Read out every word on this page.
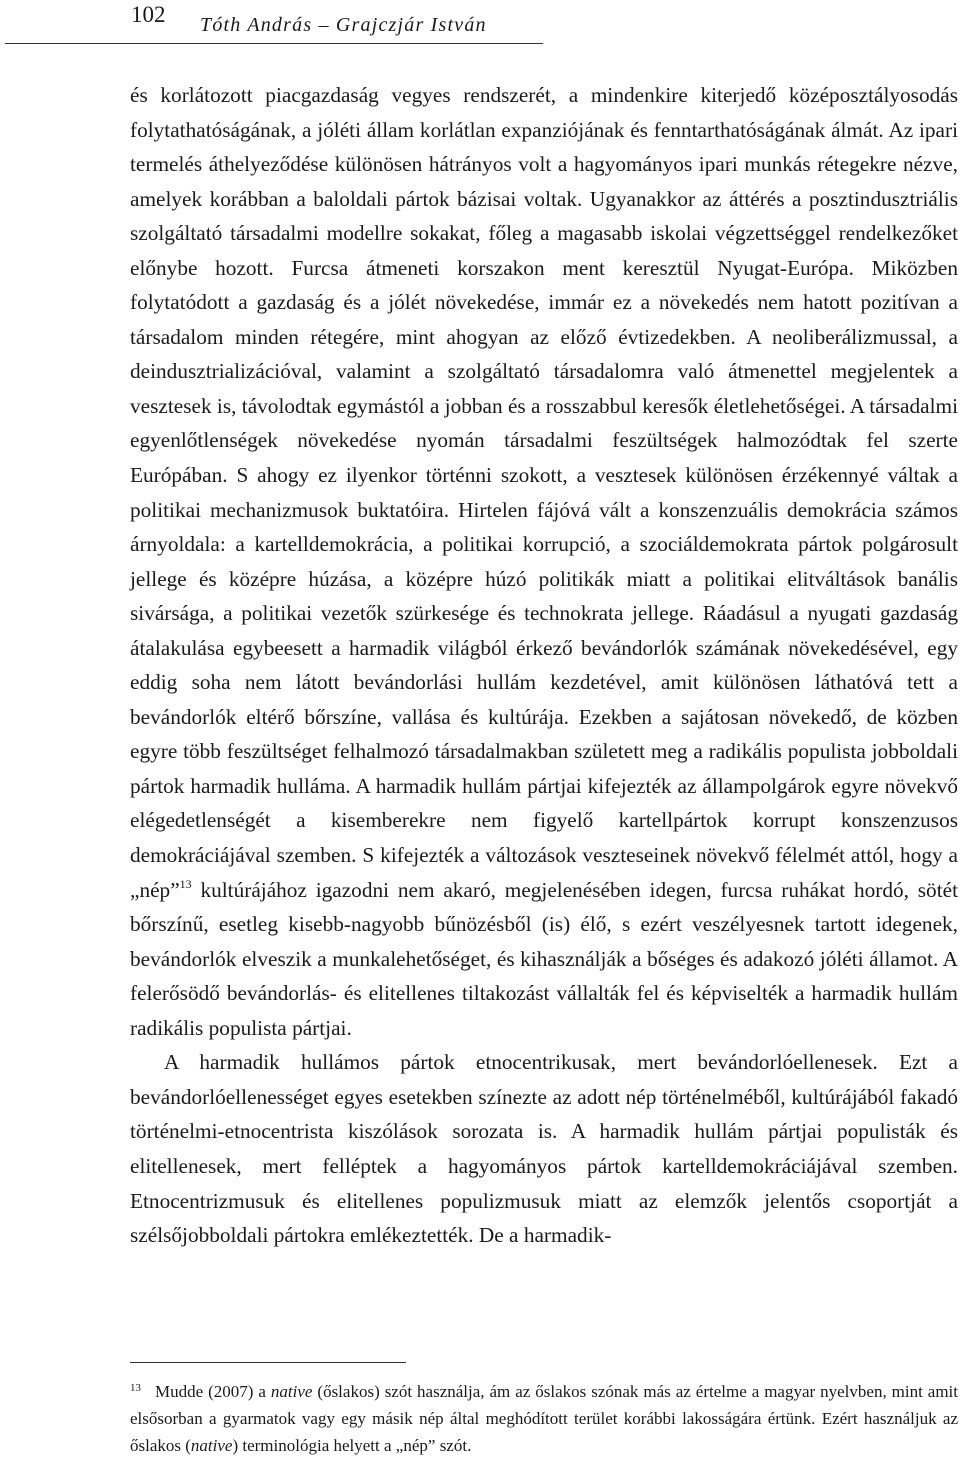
102 Tóth András – Grajczjár István

és korlátozott piacgazdaság vegyes rendszerét, a mindenkire kiterjedő középosztályosodás folytathatóságának, a jóléti állam korlátlan expanziójának és fenntarthatóságának álmát. Az ipari termelés áthelyeződése különösen hátrányos volt a hagyományos ipari munkás rétegekre nézve, amelyek korábban a baloldali pártok bázisai voltak. Ugyanakkor az áttérés a posztindusztriális szolgáltató társadalmi modellre sokakat, főleg a magasabb iskolai végzettséggel rendelkezőket előnybe hozott. Furcsa átmeneti korszakon ment keresztül Nyugat-Európa. Miközben folytatódott a gazdaság és a jólét növekedése, immár ez a növekedés nem hatott pozitívan a társadalom minden rétegére, mint ahogyan az előző évtizedekben. A neoliberálizmussal, a deindusztrializációval, valamint a szolgáltató társadalomra való átmenettel megjelentek a vesztesek is, távolodtak egymástól a jobban és a rosszabbul keresők életlehetőségei. A társadalmi egyenlőtlenségek növekedése nyomán társadalmi feszültségek halmozódtak fel szerte Európában. S ahogy ez ilyenkor történni szokott, a vesztesek különösen érzékennyé váltak a politikai mechanizmusok buktatóira. Hirtelen fájóvá vált a konszenzuális demokrácia számos árnyoldala: a kartelldemokrácia, a politikai korrupció, a szociáldemokrata pártok polgárosult jellege és középre húzása, a középre húzó politikák miatt a politikai elitváltások banális sivársága, a politikai vezetők szürkesége és technokrata jellege. Ráadásul a nyugati gazdaság átalakulása egybeesett a harmadik világból érkező bevándorlók számának növekedésével, egy eddig soha nem látott bevándorlási hullám kezdetével, amit különösen láthatóvá tett a bevándorlók eltérő bőrszíne, vallása és kultúrája. Ezekben a sajátosan növekedő, de közben egyre több feszültséget felhalmozó társadalmakban született meg a radikális populista jobboldali pártok harmadik hulláma. A harmadik hullám pártjai kifejezték az állampolgárok egyre növekvő elégedetlenségét a kisemberekre nem figyelő kartellpártok korrupt konszenzusos demokráciájával szemben. S kifejezték a változások veszteseinek növekvő félelmét attól, hogy a „nép”$^{13}$ kultúrájához igazodni nem akaró, megjelenésében idegen, furcsa ruhákat hordó, sötét bőrszínű, esetleg kisebb-nagyobb bűnözésből (is) élő, s ezért veszélyesnek tartott idegenek, bevándorlók elveszik a munkalehetőséget, és kihasználják a bőséges és adakozó jóléti államot. A felerősödő bevándorlás- és elitellenes tiltakozást vállalták fel és képviselték a harmadik hullám radikális populista pártjai.

A harmadik hullámos pártok etnocentrikusak, mert bevándorlóellenesek. Ezt a bevándorlóellenességet egyes esetekben színezte az adott nép történelméből, kultúrájából fakadó történelmi-etnocentrista kiszólások sorozata is. A harmadik hullám pártjai populisták és elitellenesek, mert felléptek a hagyományos pártok kartelldemokráciájával szemben. Etnocentrizmusuk és elitellenes populizmusuk miatt az elemzők jelentős csoportját a szélsőjobboldali pártokra emlékeztették. De a harmadik-

$^{13}$ Mudde (2007) a native (őslakos) szót használja, ám az őslakos szónak más az értelme a magyar nyelvben, mint amit elsősorban a gyarmatok vagy egy másik nép által meghódított terület korábbi lakosságára értünk. Ezért használjuk az őslakos (native) terminológia helyett a „nép” szót.
